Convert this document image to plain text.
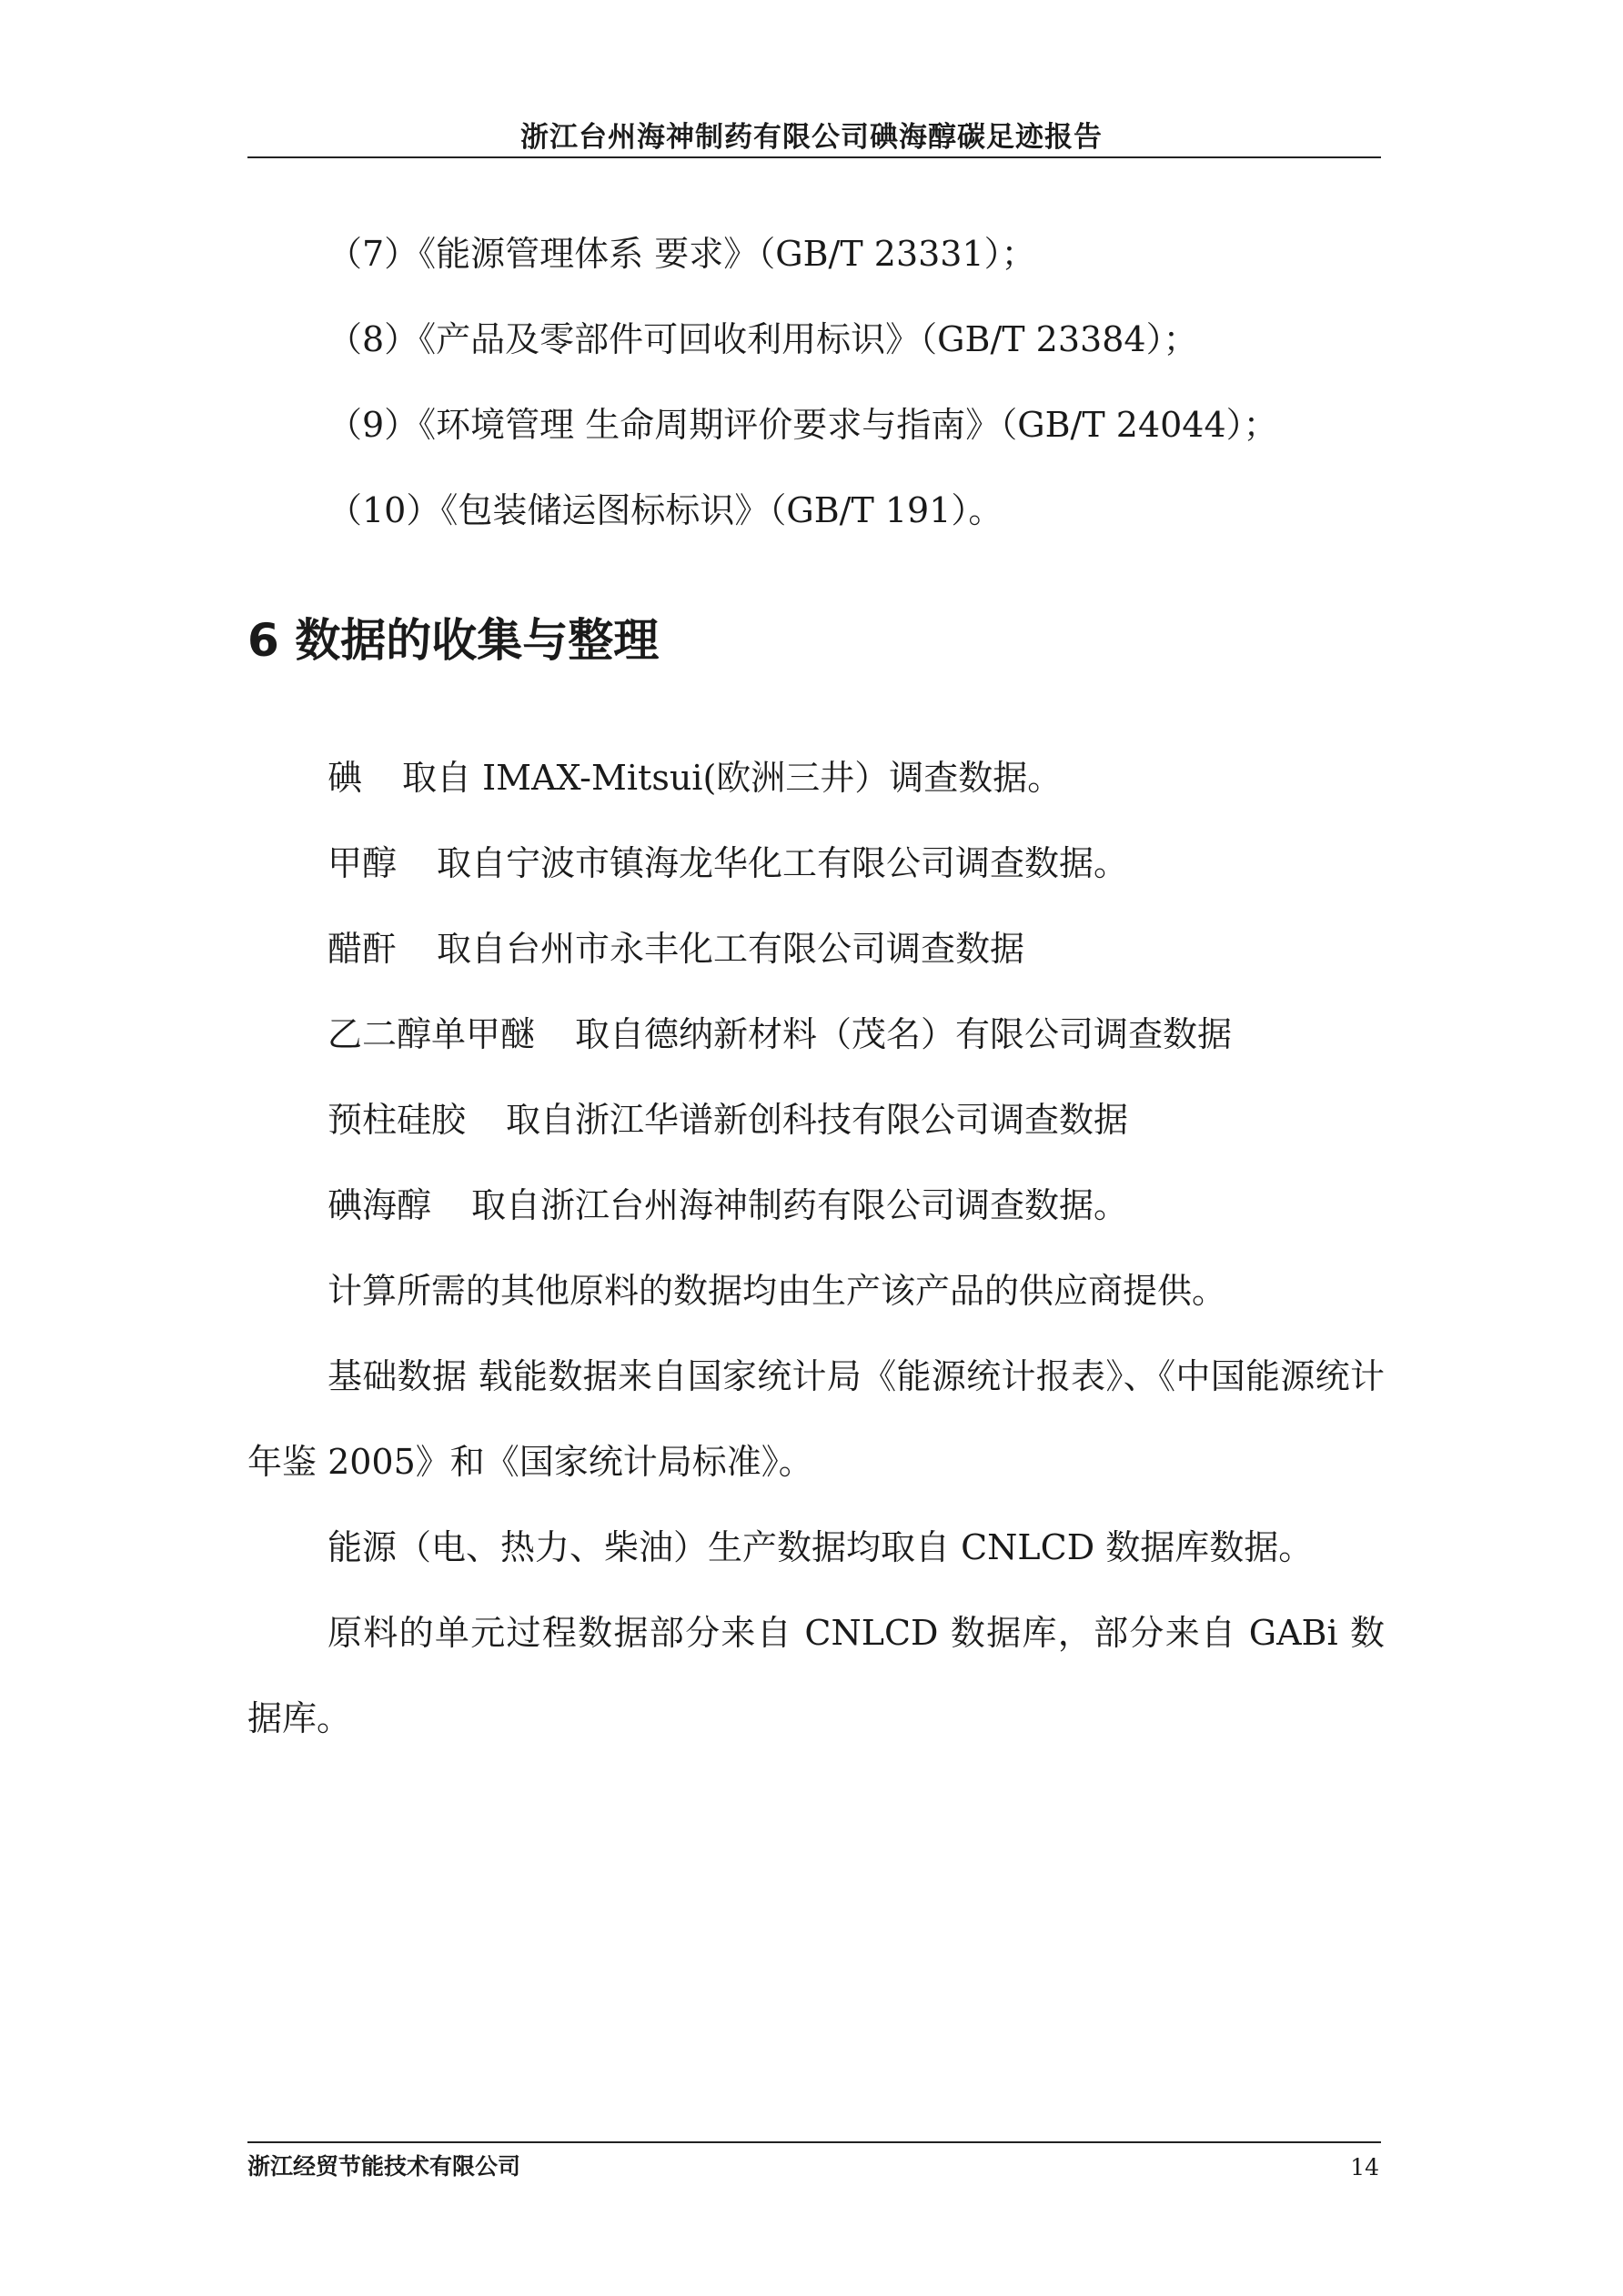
浙江台州海神制药有限公司碘海醇碳足迹报告
（7）《能源管理体系 要求》（GB/T 23331）；
（8）《产品及零部件可回收利用标识》（GB/T 23384）；
（9）《环境管理 生命周期评价要求与指南》（GB/T 24044）；
（10）《包装储运图标标识》（GB/T 191）。
6 数据的收集与整理
碘 取自 IMAX-Mitsui(欧洲三井）调查数据。
甲醇 取自宁波市镇海龙华化工有限公司调查数据。
醋酐 取自台州市永丰化工有限公司调查数据
乙二醇单甲醚 取自德纳新材料（茂名）有限公司调查数据
预柱硅胶 取自浙江华谱新创科技有限公司调查数据
碘海醇 取自浙江台州海神制药有限公司调查数据。
计算所需的其他原料的数据均由生产该产品的供应商提供。
基础数据 载能数据来自国家统计局《能源统计报表》、《中国能源统计年鉴 2005》和《国家统计局标准》。
能源（电、热力、柴油）生产数据均取自 CNLCD 数据库数据。
原料的单元过程数据部分来自 CNLCD 数据库，部分来自 GABi 数据库。
浙江经贸节能技术有限公司	14
